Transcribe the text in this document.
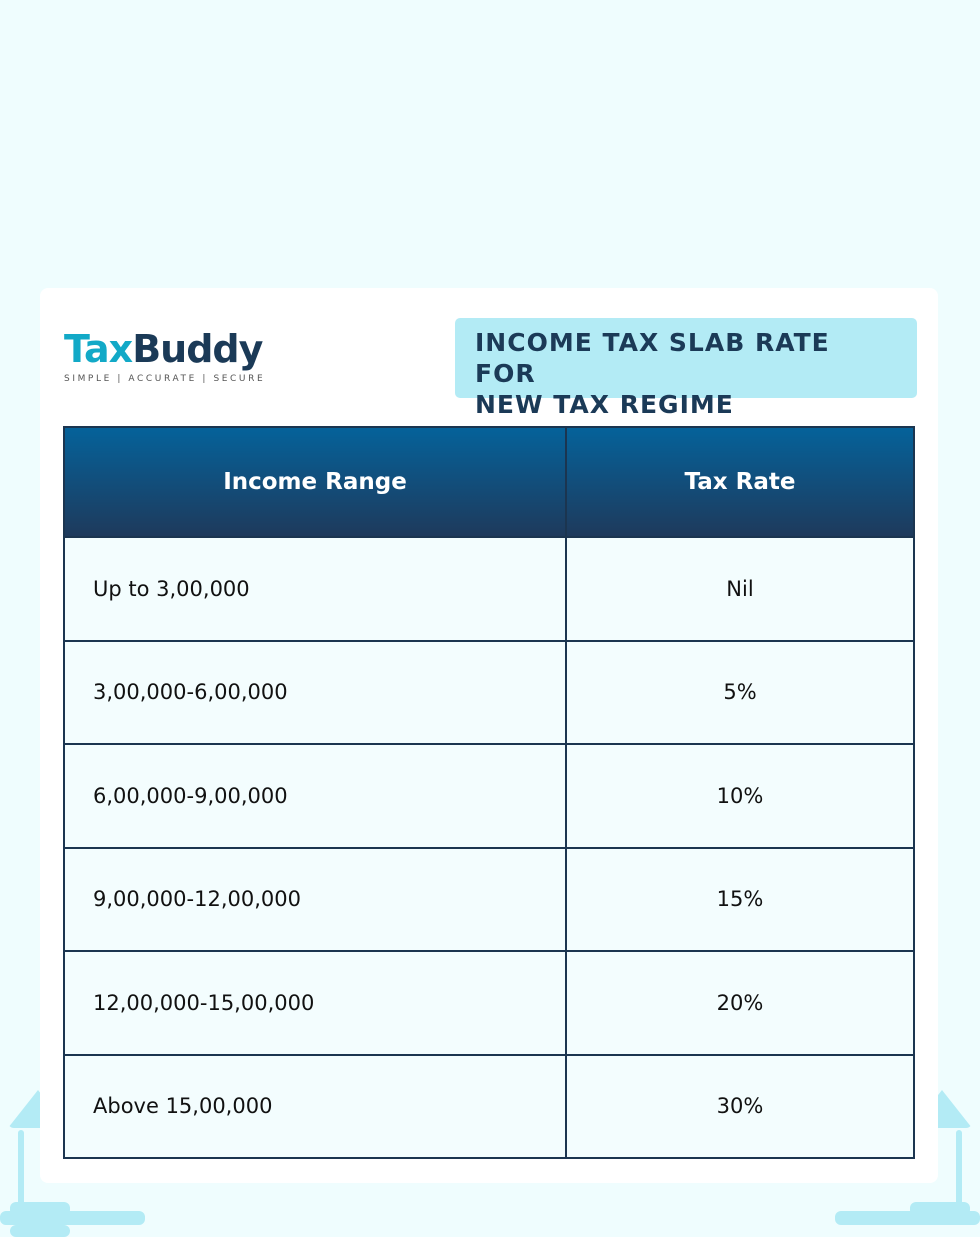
TaxBuddy
SIMPLE | ACCURATE | SECURE
INCOME TAX SLAB RATE FOR
NEW TAX REGIME
Income Range	Tax Rate
Up to 3,00,000	Nil
3,00,000-6,00,000	5%
6,00,000-9,00,000	10%
9,00,000-12,00,000	15%
12,00,000-15,00,000	20%
Above 15,00,000	30%
